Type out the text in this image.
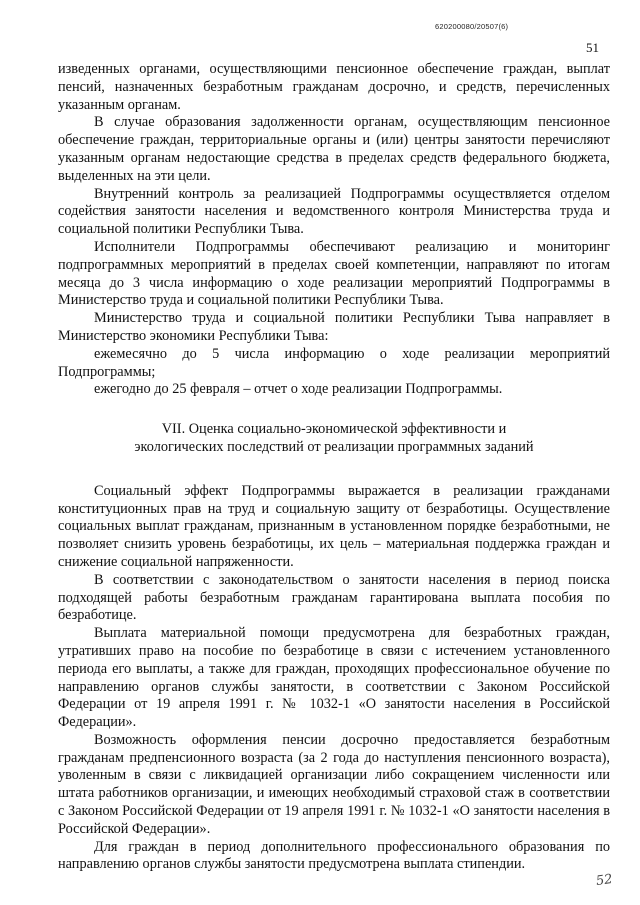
620200080/20507(6)
51

изведенных органами, осуществляющими пенсионное обеспечение граждан, выплат пенсий, назначенных безработным гражданам досрочно, и средств, перечисленных указанным органам.

В случае образования задолженности органам, осуществляющим пенсионное обеспечение граждан, территориальные органы и (или) центры занятости перечисляют указанным органам недостающие средства в пределах средств федерального бюджета, выделенных на эти цели.

Внутренний контроль за реализацией Подпрограммы осуществляется отделом содействия занятости населения и ведомственного контроля Министерства труда и социальной политики Республики Тыва.

Исполнители Подпрограммы обеспечивают реализацию и мониторинг подпрограммных мероприятий в пределах своей компетенции, направляют по итогам месяца до 3 числа информацию о ходе реализации мероприятий Подпрограммы в Министерство труда и социальной политики Республики Тыва.

Министерство труда и социальной политики Республики Тыва направляет в Министерство экономики Республики Тыва:

ежемесячно до 5 числа информацию о ходе реализации мероприятий Подпрограммы;

ежегодно до 25 февраля – отчет о ходе реализации Подпрограммы.

VII. Оценка социально-экономической эффективности и
экологических последствий от реализации программных заданий

Социальный эффект Подпрограммы выражается в реализации гражданами конституционных прав на труд и социальную защиту от безработицы. Осуществление социальных выплат гражданам, признанным в установленном порядке безработными, не позволяет снизить уровень безработицы, их цель – материальная поддержка граждан и снижение социальной напряженности.

В соответствии с законодательством о занятости населения в период поиска подходящей работы безработным гражданам гарантирована выплата пособия по безработице.

Выплата материальной помощи предусмотрена для безработных граждан, утративших право на пособие по безработице в связи с истечением установленного периода его выплаты, а также для граждан, проходящих профессиональное обучение по направлению органов службы занятости, в соответствии с Законом Российской Федерации от 19 апреля 1991 г. № 1032-1 «О занятости населения в Российской Федерации».

Возможность оформления пенсии досрочно предоставляется безработным гражданам предпенсионного возраста (за 2 года до наступления пенсионного возраста), уволенным в связи с ликвидацией организации либо сокращением численности или штата работников организации, и имеющих необходимый страховой стаж в соответствии с Законом Российской Федерации от 19 апреля 1991 г. № 1032-1 «О занятости населения в Российской Федерации».

Для граждан в период дополнительного профессионального образования по направлению органов службы занятости предусмотрена выплата стипендии.

52
